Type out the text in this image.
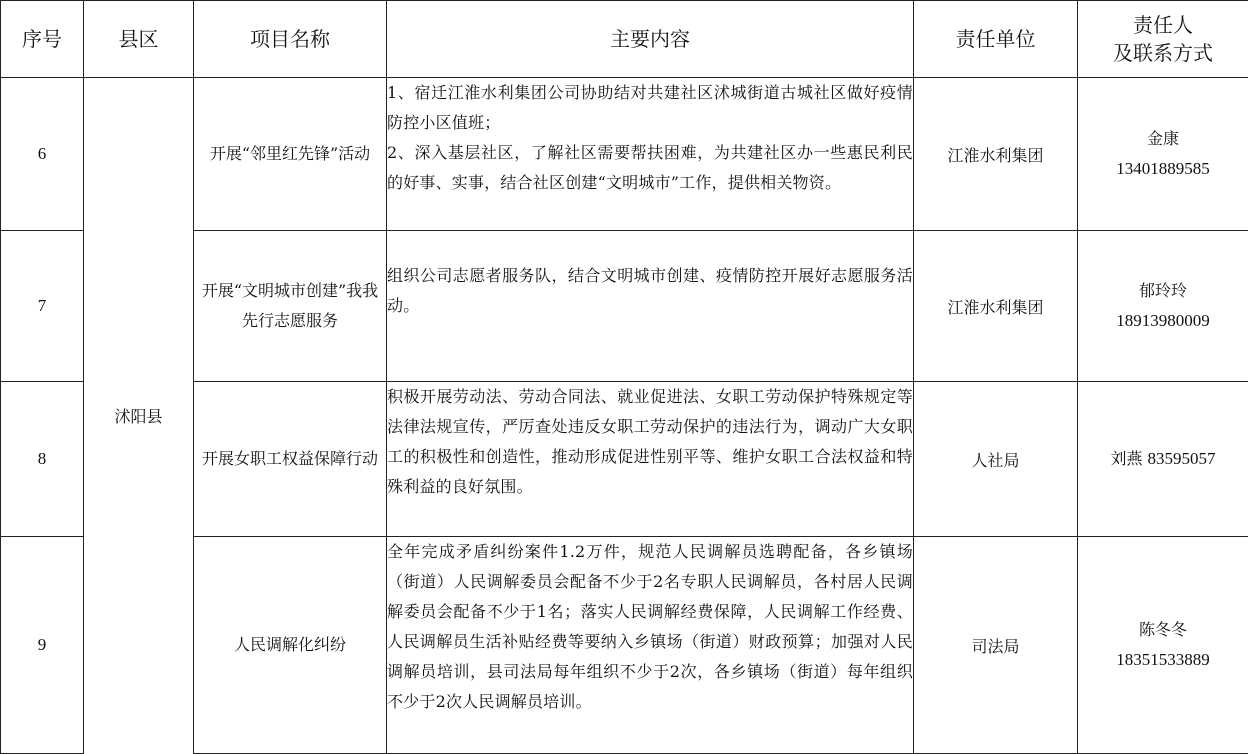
序号	县区	项目名称	主要内容	责任单位	责任人
及联系方式

6	沭阳县	开展“邻里红先锋”活动	1、宿迁江淮水利集团公司协助结对共建社区沭城街道古城社区做好疫情防控小区值班；
2、深入基层社区，了解社区需要帮扶困难，为共建社区办一些惠民利民的好事、实事，结合社区创建“文明城市”工作，提供相关物资。	江淮水利集团	金康
13401889585

7		开展“文明城市创建”我我先行志愿服务	组织公司志愿者服务队，结合文明城市创建、疫情防控开展好志愿服务活动。	江淮水利集团	郁玲玲
18913980009

8		开展女职工权益保障行动	积极开展劳动法、劳动合同法、就业促进法、女职工劳动保护特殊规定等法律法规宣传，严厉查处违反女职工劳动保护的违法行为，调动广大女职工的积极性和创造性，推动形成促进性别平等、维护女职工合法权益和特殊利益的良好氛围。	人社局	刘燕 83595057
9		人民调解化纠纷	全年完成矛盾纠纷案件1.2万件，规范人民调解员选聘配备，各乡镇场（街道）人民调解委员会配备不少于2名专职人民调解员，各村居人民调解委员会配备不少于1名；落实人民调解经费保障，人民调解工作经费、人民调解员生活补贴经费等要纳入乡镇场（街道）财政预算；加强对人民调解员培训，县司法局每年组织不少于2次，各乡镇场（街道）每年组织不少于2次人民调解员培训。	司法局	陈冬冬
18351533889
